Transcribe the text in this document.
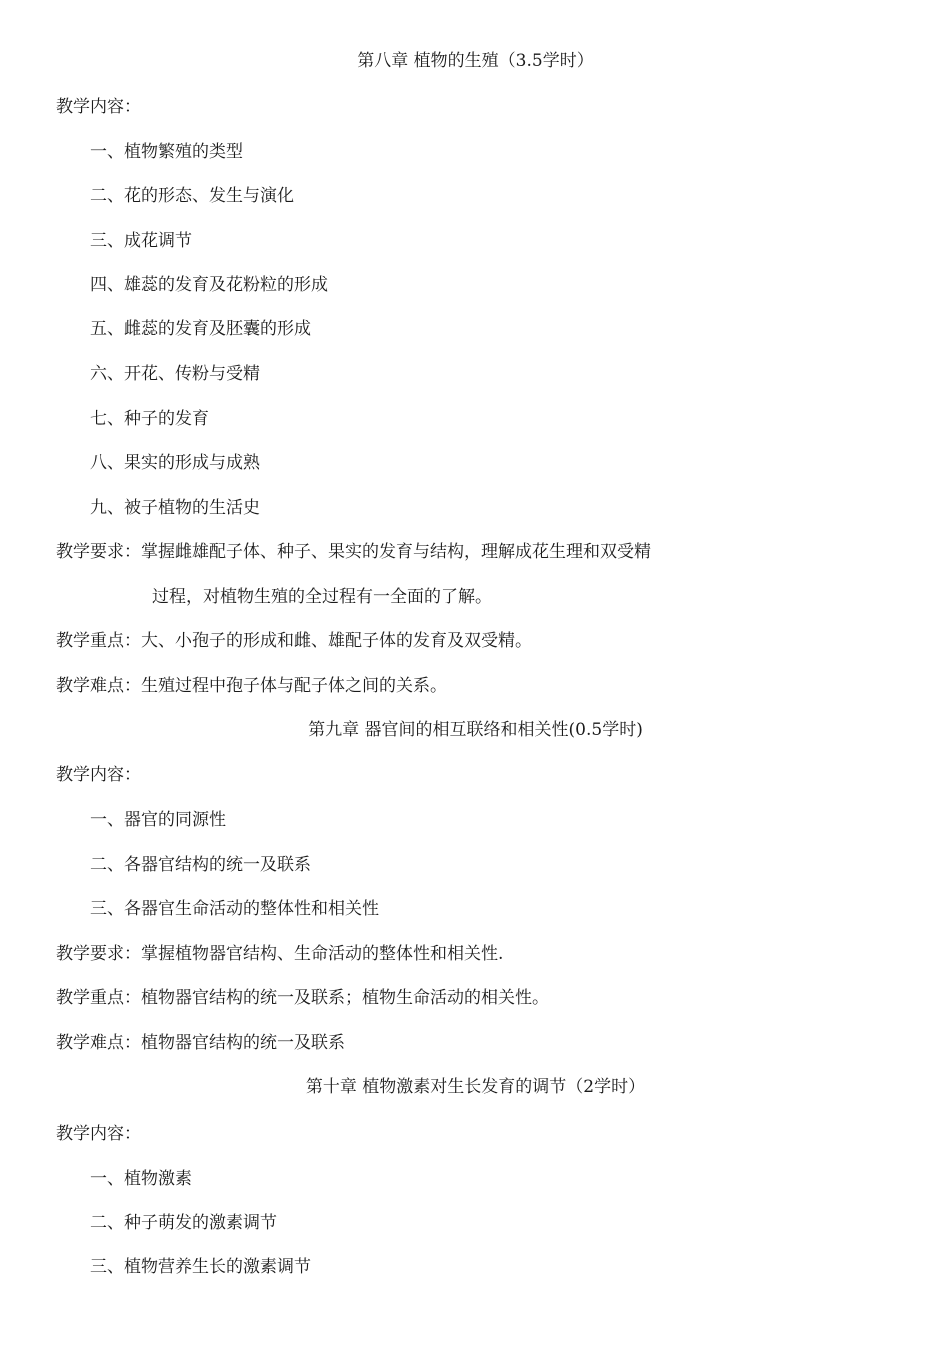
第八章 植物的生殖（3.5学时）
教学内容：
一、植物繁殖的类型
二、花的形态、发生与演化
三、成花调节
四、雄蕊的发育及花粉粒的形成
五、雌蕊的发育及胚囊的形成
六、开花、传粉与受精
七、种子的发育
八、果实的形成与成熟
九、被子植物的生活史
教学要求：掌握雌雄配子体、种子、果实的发育与结构，理解成花生理和双受精
过程，对植物生殖的全过程有一全面的了解。
教学重点：大、小孢子的形成和雌、雄配子体的发育及双受精。
教学难点：生殖过程中孢子体与配子体之间的关系。
第九章 器官间的相互联络和相关性(0.5学时)
教学内容：
一、器官的同源性
二、各器官结构的统一及联系
三、各器官生命活动的整体性和相关性
教学要求：掌握植物器官结构、生命活动的整体性和相关性.
教学重点：植物器官结构的统一及联系；植物生命活动的相关性。
教学难点：植物器官结构的统一及联系
第十章 植物激素对生长发育的调节（2学时）
教学内容：
一、植物激素
二、种子萌发的激素调节
三、植物营养生长的激素调节
